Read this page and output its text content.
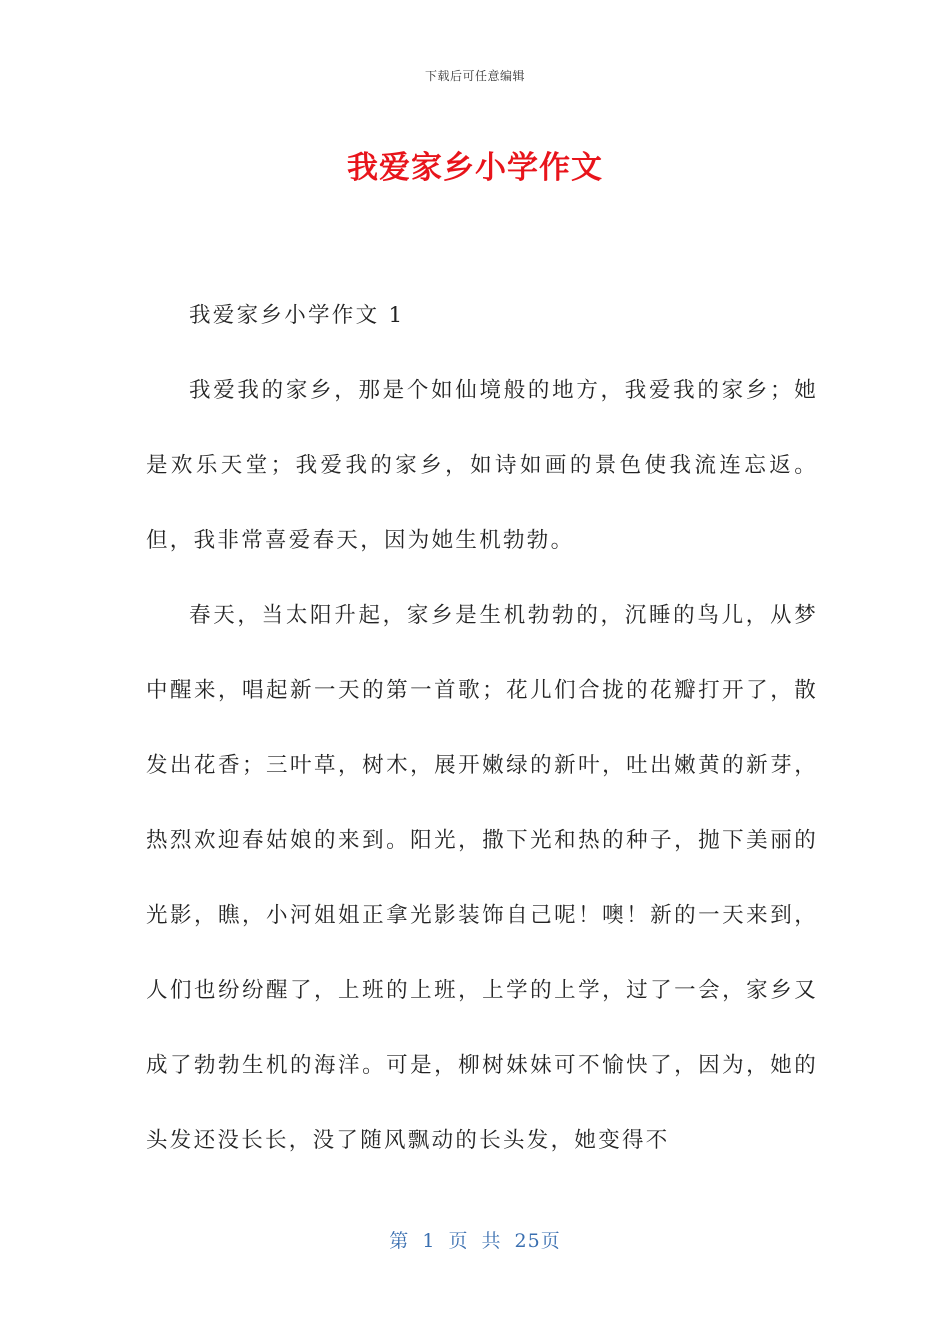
下载后可任意编辑
我爱家乡小学作文

我爱家乡小学作文 1

我爱我的家乡，那是个如仙境般的地方，我爱我的家乡；她是欢乐天堂；我爱我的家乡，如诗如画的景色使我流连忘返。但，我非常喜爱春天，因为她生机勃勃。

春天，当太阳升起，家乡是生机勃勃的，沉睡的鸟儿，从梦中醒来，唱起新一天的第一首歌；花儿们合拢的花瓣打开了，散发出花香；三叶草，树木，展开嫩绿的新叶，吐出嫩黄的新芽，热烈欢迎春姑娘的来到。阳光，撒下光和热的种子，抛下美丽的光影，瞧，小河姐姐正拿光影装饰自己呢！噢！新的一天来到，人们也纷纷醒了，上班的上班，上学的上学，过了一会，家乡又成了勃勃生机的海洋。可是，柳树妹妹可不愉快了，因为，她的头发还没长长，没了随风飘动的长头发，她变得不

第 1 页 共 25页
